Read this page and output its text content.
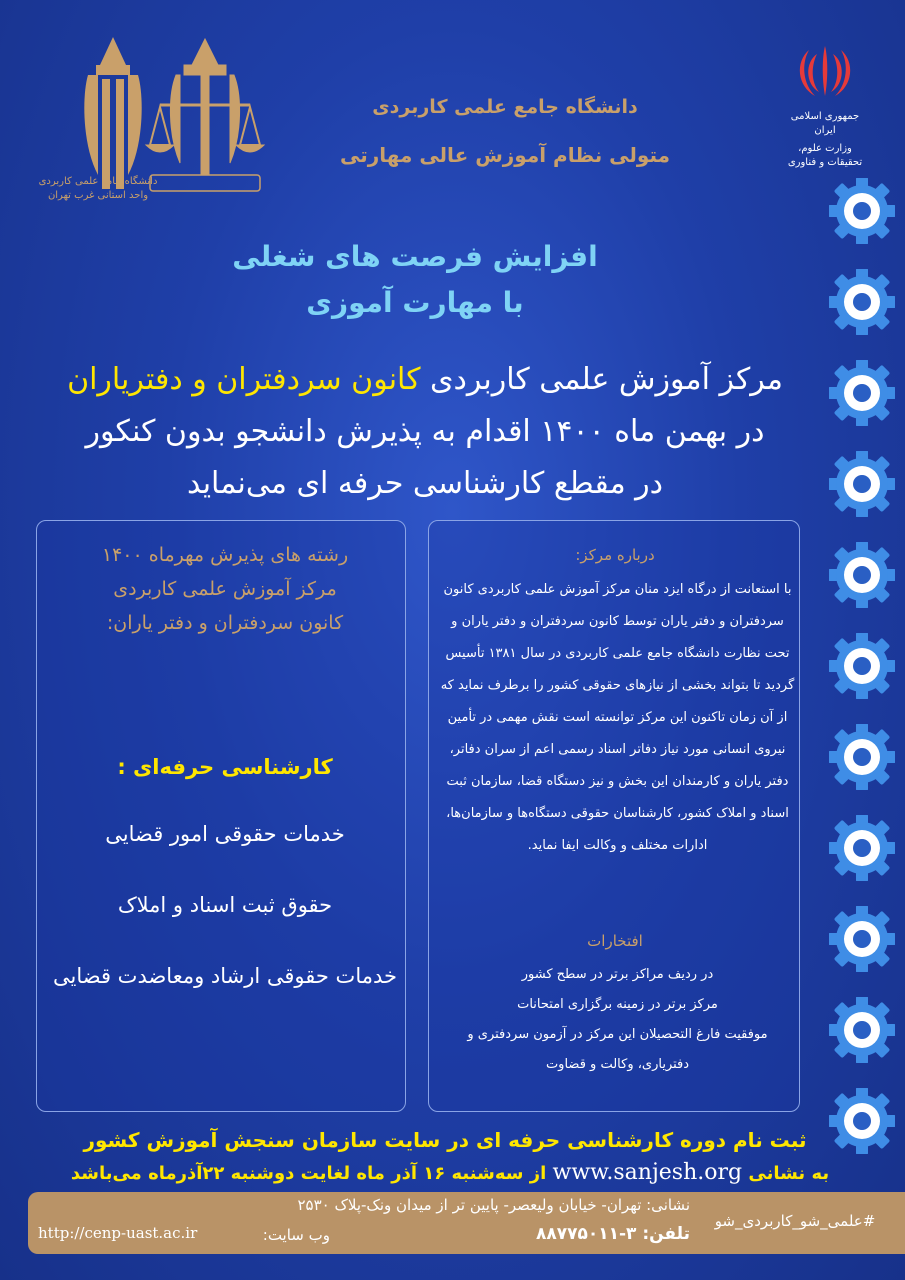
جمهوری اسلامی ایران
وزارت علوم، تحقیقات و فناوری
دانشگاه جامع علمی کاربردی
واحد استانی غرب تهران
دانشگاه جامع علمی کاربردی
متولی نظام آموزش عالی مهارتی
افزایش فرصت های شغلی
با مهارت آموزی
مرکز آموزش علمی کاربردی کانون سردفتران و دفتریاران
در بهمن ماه ۱۴۰۰ اقدام به پذیرش دانشجو بدون کنکور
در مقطع کارشناسی حرفه ای می‌نماید
رشته های پذیرش مهرماه ۱۴۰۰
مرکز آموزش علمی کاربردی
کانون سردفتران و دفتر یاران:
کارشناسی حرفه‌ای :
خدمات حقوقی امور قضایی
حقوق ثبت اسناد و املاک
خدمات حقوقی ارشاد ومعاضدت قضایی
درباره مرکز:
با استعانت از درگاه ایزد منان مرکز آموزش علمی کاربردی کانون سردفتران و دفتر یاران توسط کانون سردفتران و دفتر یاران و تحت نظارت دانشگاه جامع علمی کاربردی در سال ۱۳۸۱ تأسیس گردید تا بتواند بخشی از نیازهای حقوقی کشور را برطرف نماید که از آن زمان تاکنون این مرکز توانسته است نقش مهمی در تأمین نیروی انسانی مورد نیاز دفاتر اسناد رسمی اعم از سران دفاتر، دفتر یاران و کارمندان این بخش و نیز دستگاه قضا، سازمان ثبت اسناد و املاک کشور، کارشناسان حقوقی دستگاه‌ها و سازمان‌ها، ادارات مختلف و وکالت ایفا نماید.
افتخارات
در ردیف مراکز برتر در سطح کشور
مرکز برتر در زمینه برگزاری امتحانات
موفقیت فارغ التحصیلان این مرکز در آزمون سردفتری و
دفتریاری، وکالت و قضاوت
ثبت نام دوره کارشناسی حرفه ای در سایت سازمان سنجش آموزش کشور
به نشانی www.sanjesh.org از سه‌شنبه ۱۶ آذر ماه لغایت دوشنبه ۲۲آذرماه می‌باشد
#علمی_شو_کاربردی_شو
نشانی: تهران- خیابان ولیعصر- پایین تر از میدان ونک-پلاک ۲۵۳۰
تلفن: ۳-۸۸۷۷۵۰۱۱
وب سایت:
http://cenp-uast.ac.ir
